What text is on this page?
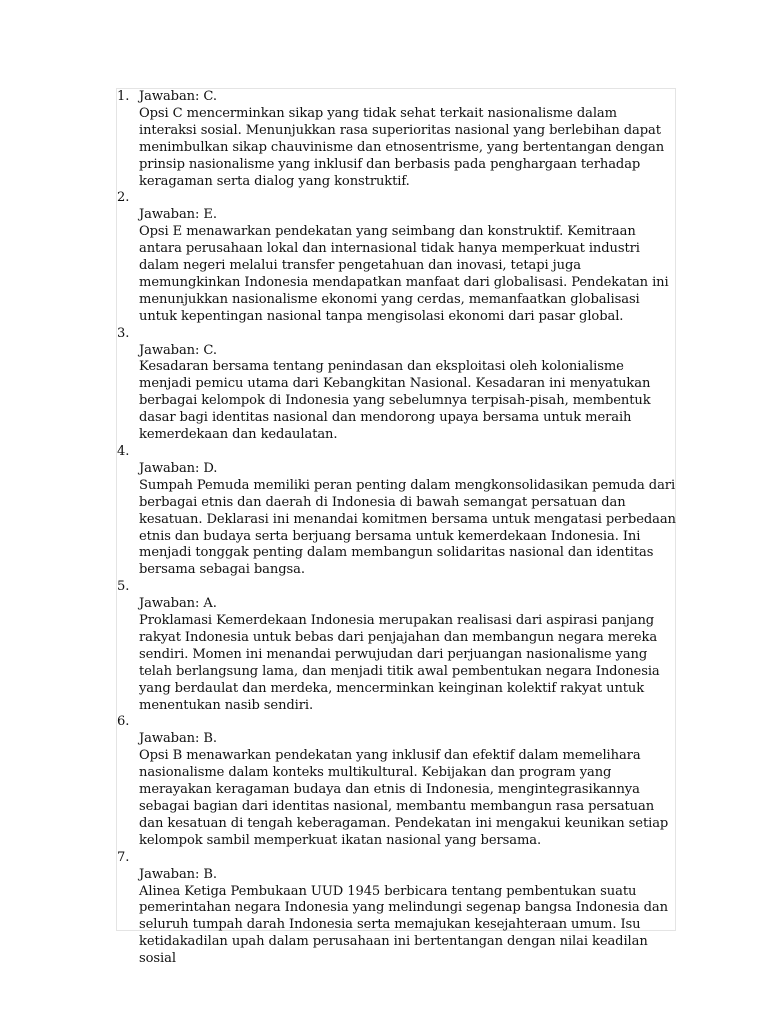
1. Jawaban: C.
Opsi C mencerminkan sikap yang tidak sehat terkait nasionalisme dalam interaksi sosial. Menunjukkan rasa superioritas nasional yang berlebihan dapat menimbulkan sikap chauvinisme dan etnosentrisme, yang bertentangan dengan prinsip nasionalisme yang inklusif dan berbasis pada penghargaan terhadap keragaman serta dialog yang konstruktif.
2.
Jawaban: E.
Opsi E menawarkan pendekatan yang seimbang dan konstruktif. Kemitraan antara perusahaan lokal dan internasional tidak hanya memperkuat industri dalam negeri melalui transfer pengetahuan dan inovasi, tetapi juga memungkinkan Indonesia mendapatkan manfaat dari globalisasi. Pendekatan ini menunjukkan nasionalisme ekonomi yang cerdas, memanfaatkan globalisasi untuk kepentingan nasional tanpa mengisolasi ekonomi dari pasar global.
3.
Jawaban: C.
Kesadaran bersama tentang penindasan dan eksploitasi oleh kolonialisme menjadi pemicu utama dari Kebangkitan Nasional. Kesadaran ini menyatukan berbagai kelompok di Indonesia yang sebelumnya terpisah-pisah, membentuk dasar bagi identitas nasional dan mendorong upaya bersama untuk meraih kemerdekaan dan kedaulatan.
4.
Jawaban: D.
Sumpah Pemuda memiliki peran penting dalam mengkonsolidasikan pemuda dari berbagai etnis dan daerah di Indonesia di bawah semangat persatuan dan kesatuan. Deklarasi ini menandai komitmen bersama untuk mengatasi perbedaan etnis dan budaya serta berjuang bersama untuk kemerdekaan Indonesia. Ini menjadi tonggak penting dalam membangun solidaritas nasional dan identitas bersama sebagai bangsa.
5.
Jawaban: A.
Proklamasi Kemerdekaan Indonesia merupakan realisasi dari aspirasi panjang rakyat Indonesia untuk bebas dari penjajahan dan membangun negara mereka sendiri. Momen ini menandai perwujudan dari perjuangan nasionalisme yang telah berlangsung lama, dan menjadi titik awal pembentukan negara Indonesia yang berdaulat dan merdeka, mencerminkan keinginan kolektif rakyat untuk menentukan nasib sendiri.
6.
Jawaban: B.
Opsi B menawarkan pendekatan yang inklusif dan efektif dalam memelihara nasionalisme dalam konteks multikultural. Kebijakan dan program yang merayakan keragaman budaya dan etnis di Indonesia, mengintegrasikannya sebagai bagian dari identitas nasional, membantu membangun rasa persatuan dan kesatuan di tengah keberagaman. Pendekatan ini mengakui keunikan setiap kelompok sambil memperkuat ikatan nasional yang bersama.
7.
Jawaban: B.
Alinea Ketiga Pembukaan UUD 1945 berbicara tentang pembentukan suatu pemerintahan negara Indonesia yang melindungi segenap bangsa Indonesia dan seluruh tumpah darah Indonesia serta memajukan kesejahteraan umum. Isu ketidakadilan upah dalam perusahaan ini bertentangan dengan nilai keadilan sosial
